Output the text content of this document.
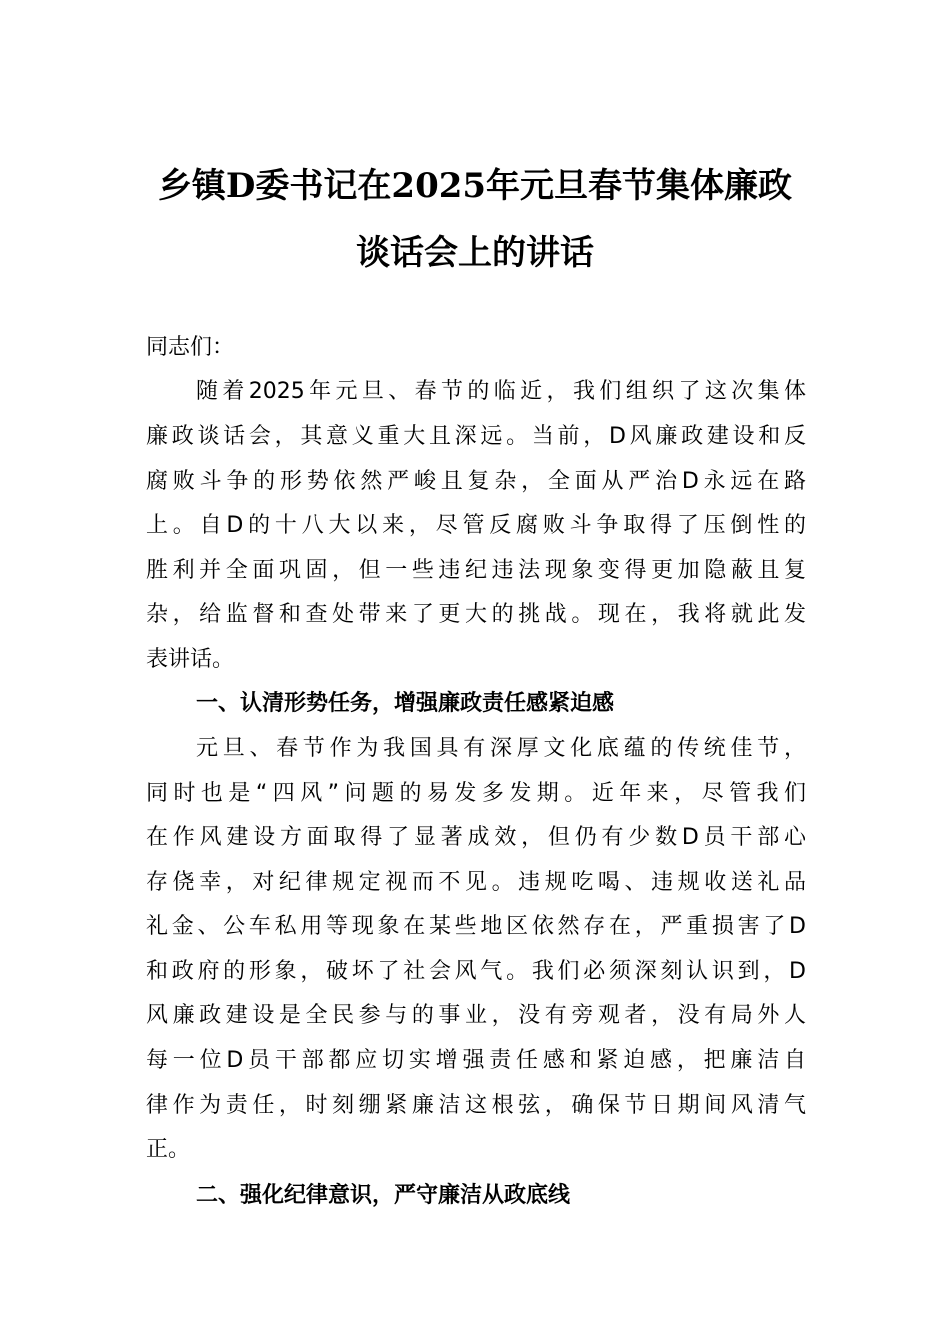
乡镇D委书记在2025年元旦春节集体廉政
谈话会上的讲话
同志们：
随着2025年元旦、春节的临近，我们组织了这次集体
廉政谈话会，其意义重大且深远。当前，D风廉政建设和反
腐败斗争的形势依然严峻且复杂，全面从严治D永远在路
上。自D的十八大以来，尽管反腐败斗争取得了压倒性的
胜利并全面巩固，但一些违纪违法现象变得更加隐蔽且复
杂，给监督和查处带来了更大的挑战。现在，我将就此发
表讲话。
一、认清形势任务，增强廉政责任感紧迫感
元旦、春节作为我国具有深厚文化底蕴的传统佳节，
同时也是“四风”问题的易发多发期。近年来，尽管我们
在作风建设方面取得了显著成效，但仍有少数D员干部心
存侥幸，对纪律规定视而不见。违规吃喝、违规收送礼品
礼金、公车私用等现象在某些地区依然存在，严重损害了D
和政府的形象，破坏了社会风气。我们必须深刻认识到，D
风廉政建设是全民参与的事业，没有旁观者，没有局外人
每一位D员干部都应切实增强责任感和紧迫感，把廉洁自
律作为责任，时刻绷紧廉洁这根弦，确保节日期间风清气
正。
二、强化纪律意识，严守廉洁从政底线
